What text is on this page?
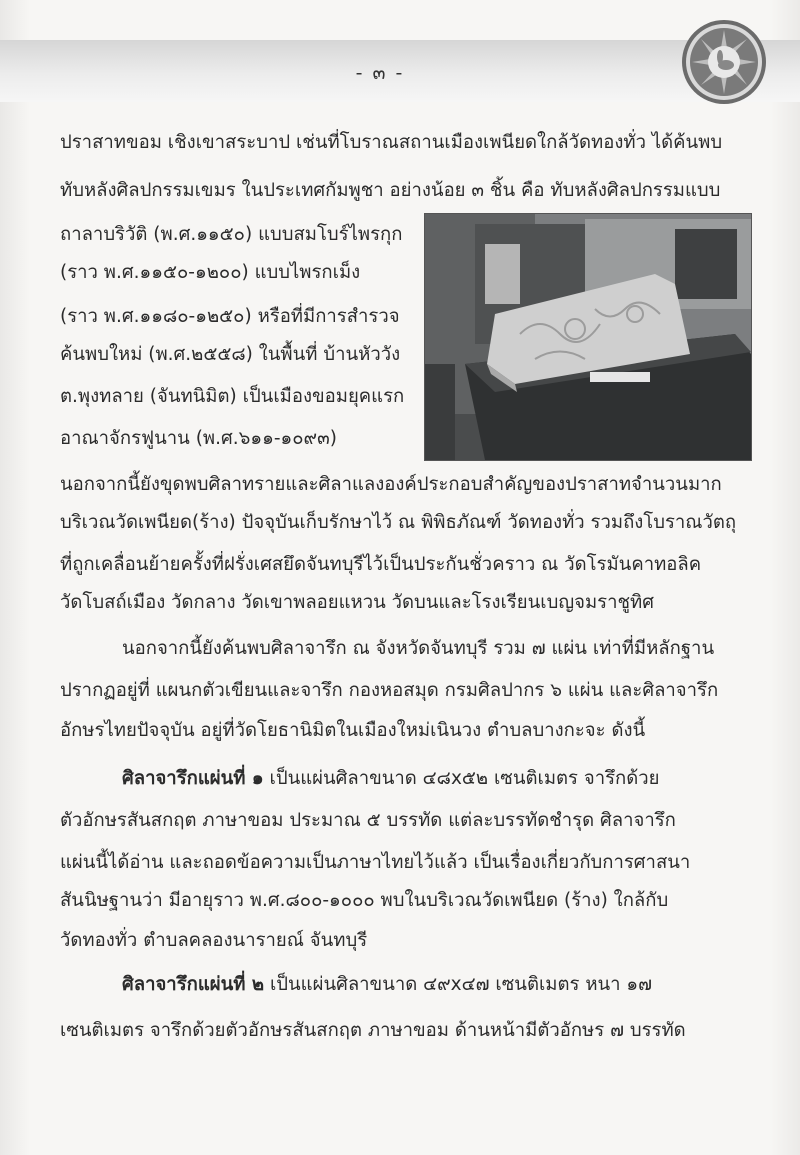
- ๓ -
ปราสาทขอม เชิงเขาสระบาป เช่นที่โบราณสถานเมืองเพนียดใกล้วัดทองทั่ว ได้ค้นพบ
ทับหลังศิลปกรรมเขมร ในประเทศกัมพูชา อย่างน้อย ๓ ชิ้น คือ ทับหลังศิลปกรรมแบบ
ถาลาบริวัติ (พ.ศ.๑๑๕๐) แบบสมโบร์ไพรกุก
(ราว พ.ศ.๑๑๕๐-๑๒๐๐) แบบไพรกเม็ง
(ราว พ.ศ.๑๑๘๐-๑๒๕๐) หรือที่มีการสำรวจ
ค้นพบใหม่ (พ.ศ.๒๕๕๘) ในพื้นที่ บ้านหัววัง
ต.พุงทลาย (จันทนิมิต) เป็นเมืองขอมยุคแรก
อาณาจักรฟูนาน (พ.ศ.๖๑๑-๑๐๙๓)
นอกจากนี้ยังขุดพบศิลาทรายและศิลาแลงองค์ประกอบสำคัญของปราสาทจำนวนมาก
บริเวณวัดเพนียด(ร้าง) ปัจจุบันเก็บรักษาไว้ ณ พิพิธภัณฑ์ วัดทองทั่ว รวมถึงโบราณวัตถุ
ที่ถูกเคลื่อนย้ายครั้งที่ฝรั่งเศสยึดจันทบุรีไว้เป็นประกันชั่วคราว ณ วัดโรมันคาทอลิค
วัดโบสถ์เมือง วัดกลาง วัดเขาพลอยแหวน วัดบนและโรงเรียนเบญจมราชูทิศ
นอกจากนี้ยังค้นพบศิลาจารึก ณ จังหวัดจันทบุรี รวม ๗ แผ่น เท่าที่มีหลักฐาน
ปรากฏอยู่ที่ แผนกตัวเขียนและจารึก กองหอสมุด กรมศิลปากร ๖ แผ่น และศิลาจารึก
อักษรไทยปัจจุบัน อยู่ที่วัดโยธานิมิตในเมืองใหม่เนินวง ตำบลบางกะจะ ดังนี้
ศิลาจารึกแผ่นที่ ๑ เป็นแผ่นศิลาขนาด ๔๘x๕๒ เซนติเมตร จารึกด้วย
ตัวอักษรสันสกฤต ภาษาขอม ประมาณ ๕ บรรทัด แต่ละบรรทัดชำรุด ศิลาจารึก
แผ่นนี้ได้อ่าน และถอดข้อความเป็นภาษาไทยไว้แล้ว เป็นเรื่องเกี่ยวกับการศาสนา
สันนิษฐานว่า มีอายุราว พ.ศ.๘๐๐-๑๐๐๐ พบในบริเวณวัดเพนียด (ร้าง) ใกล้กับ
วัดทองทั่ว ตำบลคลองนารายณ์ จันทบุรี
ศิลาจารึกแผ่นที่ ๒ เป็นแผ่นศิลาขนาด ๔๙x๔๗ เซนติเมตร หนา ๑๗
เซนติเมตร จารึกด้วยตัวอักษรสันสกฤต ภาษาขอม ด้านหน้ามีตัวอักษร ๗ บรรทัด
